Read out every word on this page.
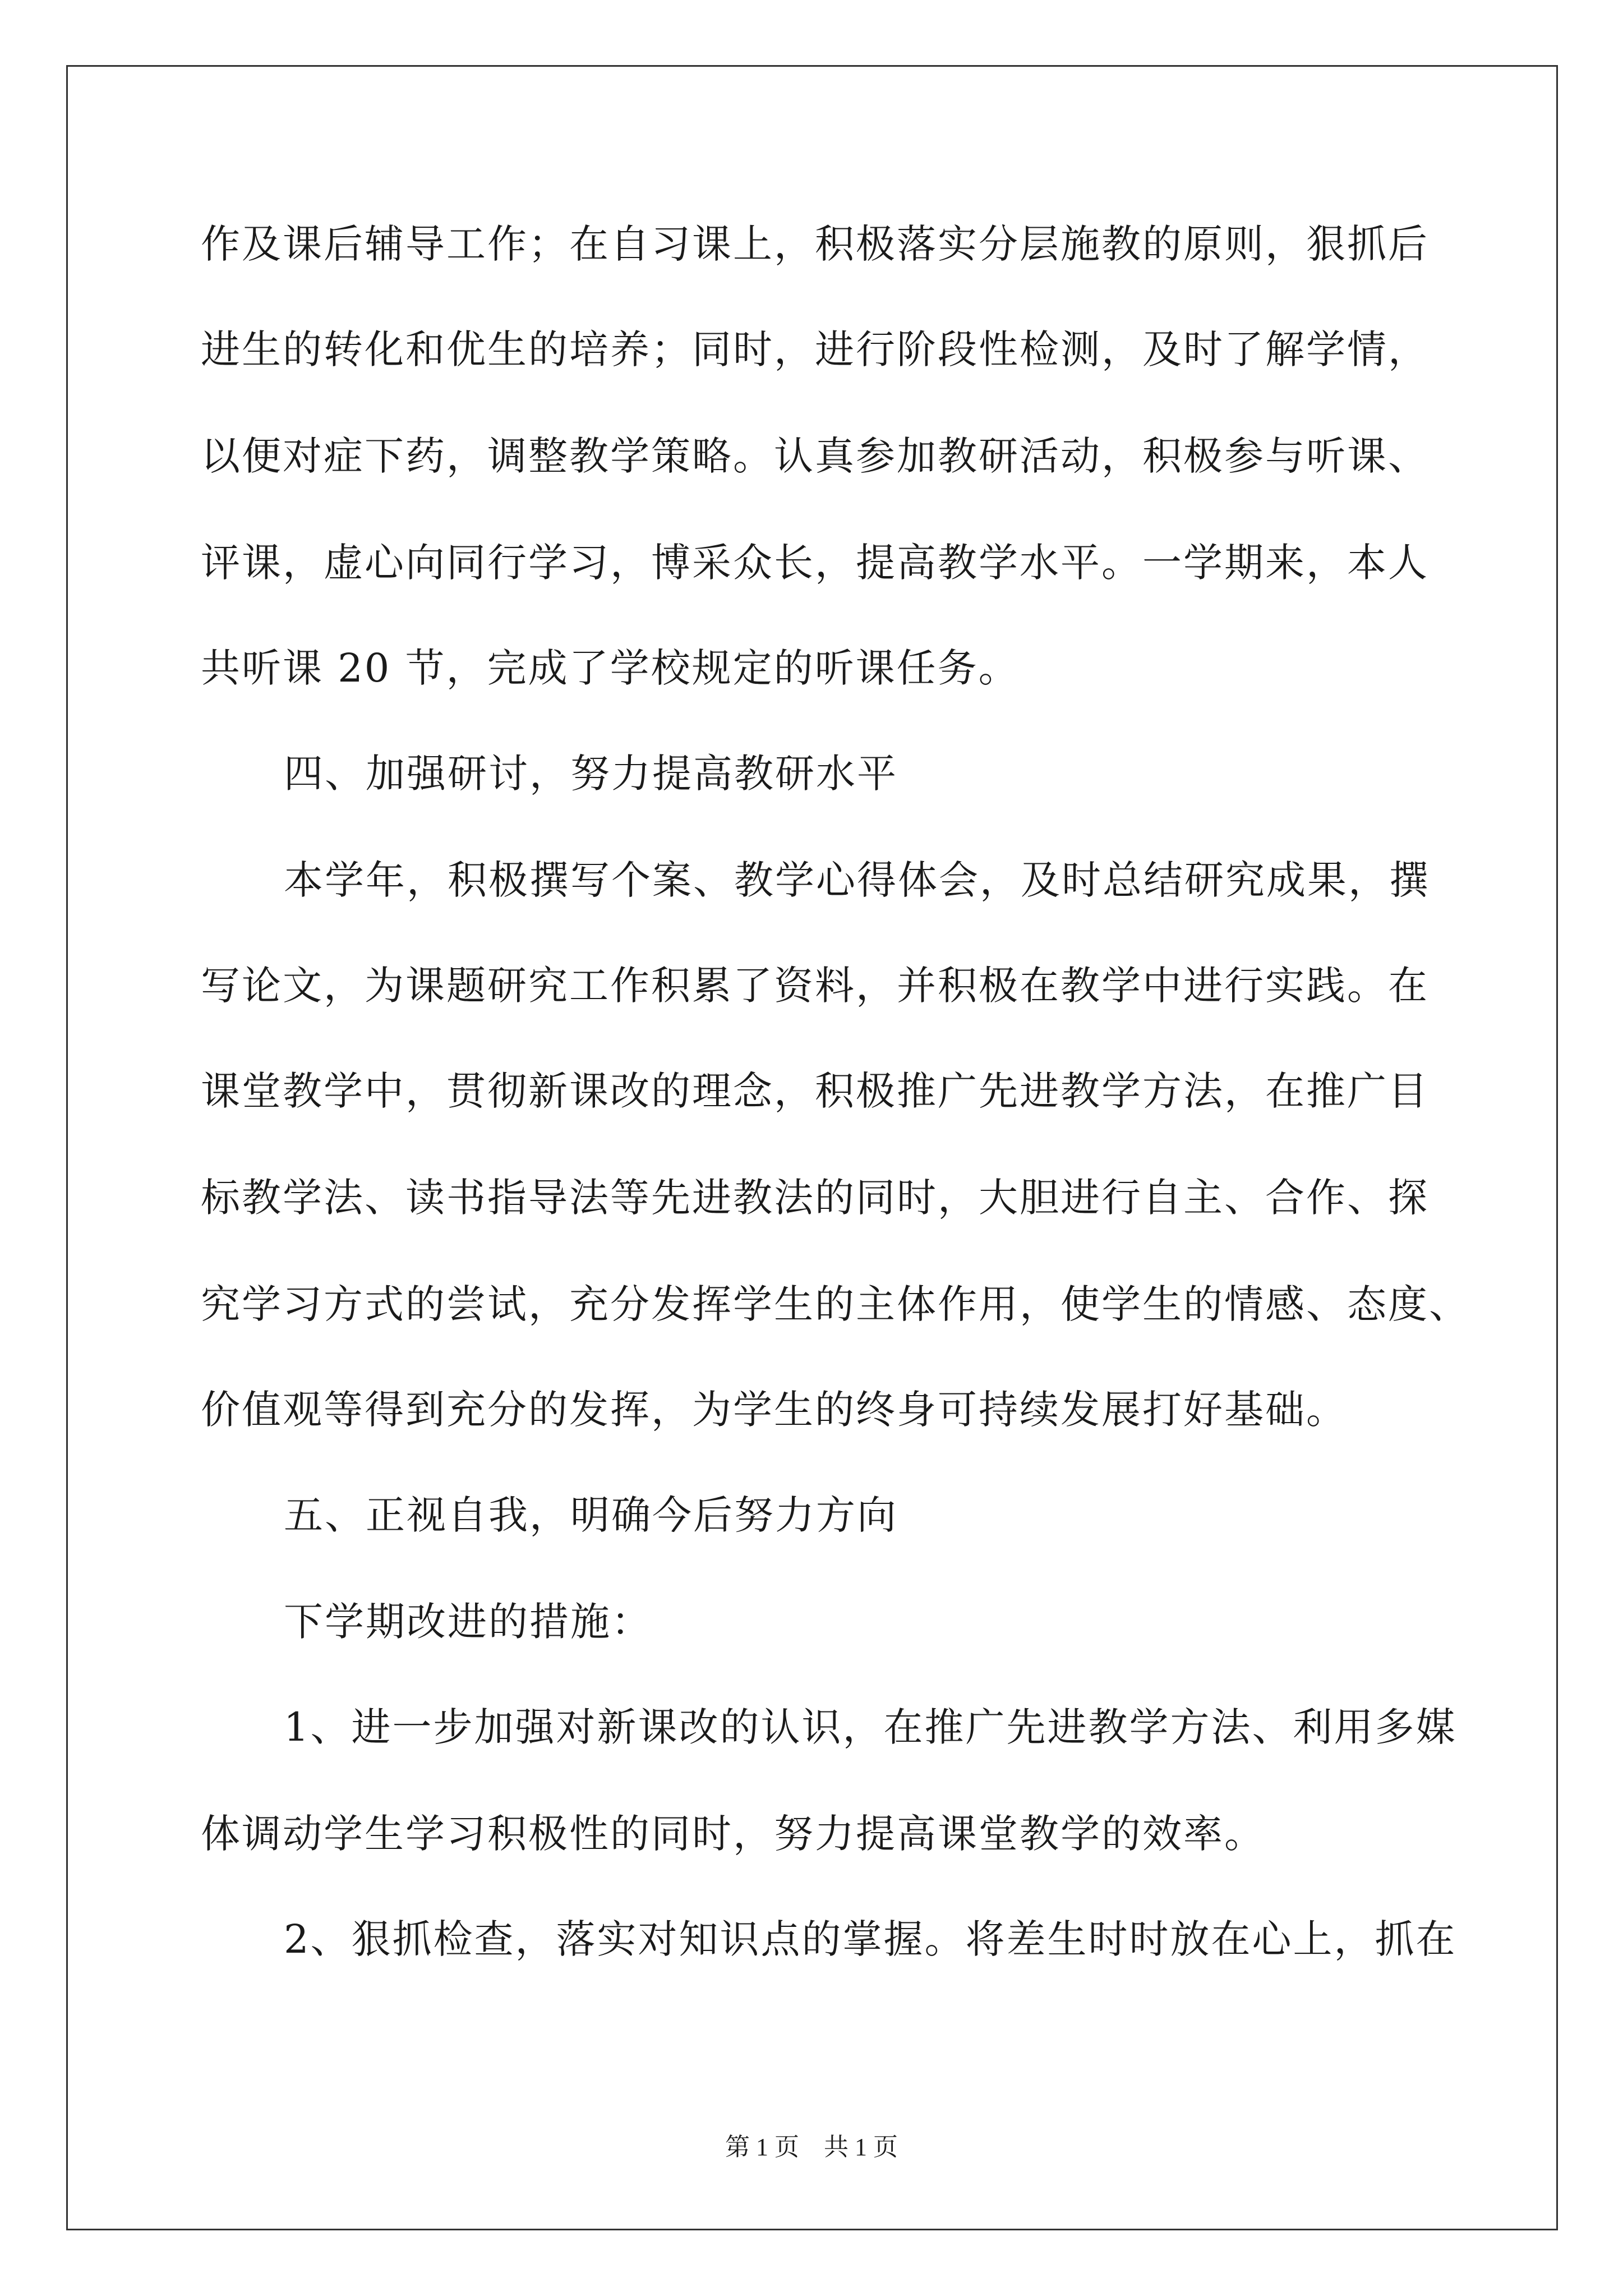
作及课后辅导工作；在自习课上，积极落实分层施教的原则，狠抓后
进生的转化和优生的培养；同时，进行阶段性检测，及时了解学情，
以便对症下药，调整教学策略。认真参加教研活动，积极参与听课、
评课，虚心向同行学习，博采众长，提高教学水平。一学期来，本人
共听课 20 节，完成了学校规定的听课任务。
四、加强研讨，努力提高教研水平
本学年，积极撰写个案、教学心得体会，及时总结研究成果，撰
写论文，为课题研究工作积累了资料，并积极在教学中进行实践。在
课堂教学中，贯彻新课改的理念，积极推广先进教学方法，在推广目
标教学法、读书指导法等先进教法的同时，大胆进行自主、合作、探
究学习方式的尝试，充分发挥学生的主体作用，使学生的情感、态度、
价值观等得到充分的发挥，为学生的终身可持续发展打好基础。
五、正视自我，明确今后努力方向
下学期改进的措施：
1、进一步加强对新课改的认识，在推广先进教学方法、利用多媒
体调动学生学习积极性的同时，努力提高课堂教学的效率。
2、狠抓检查，落实对知识点的掌握。将差生时时放在心上，抓在
第 1 页　共 1 页
